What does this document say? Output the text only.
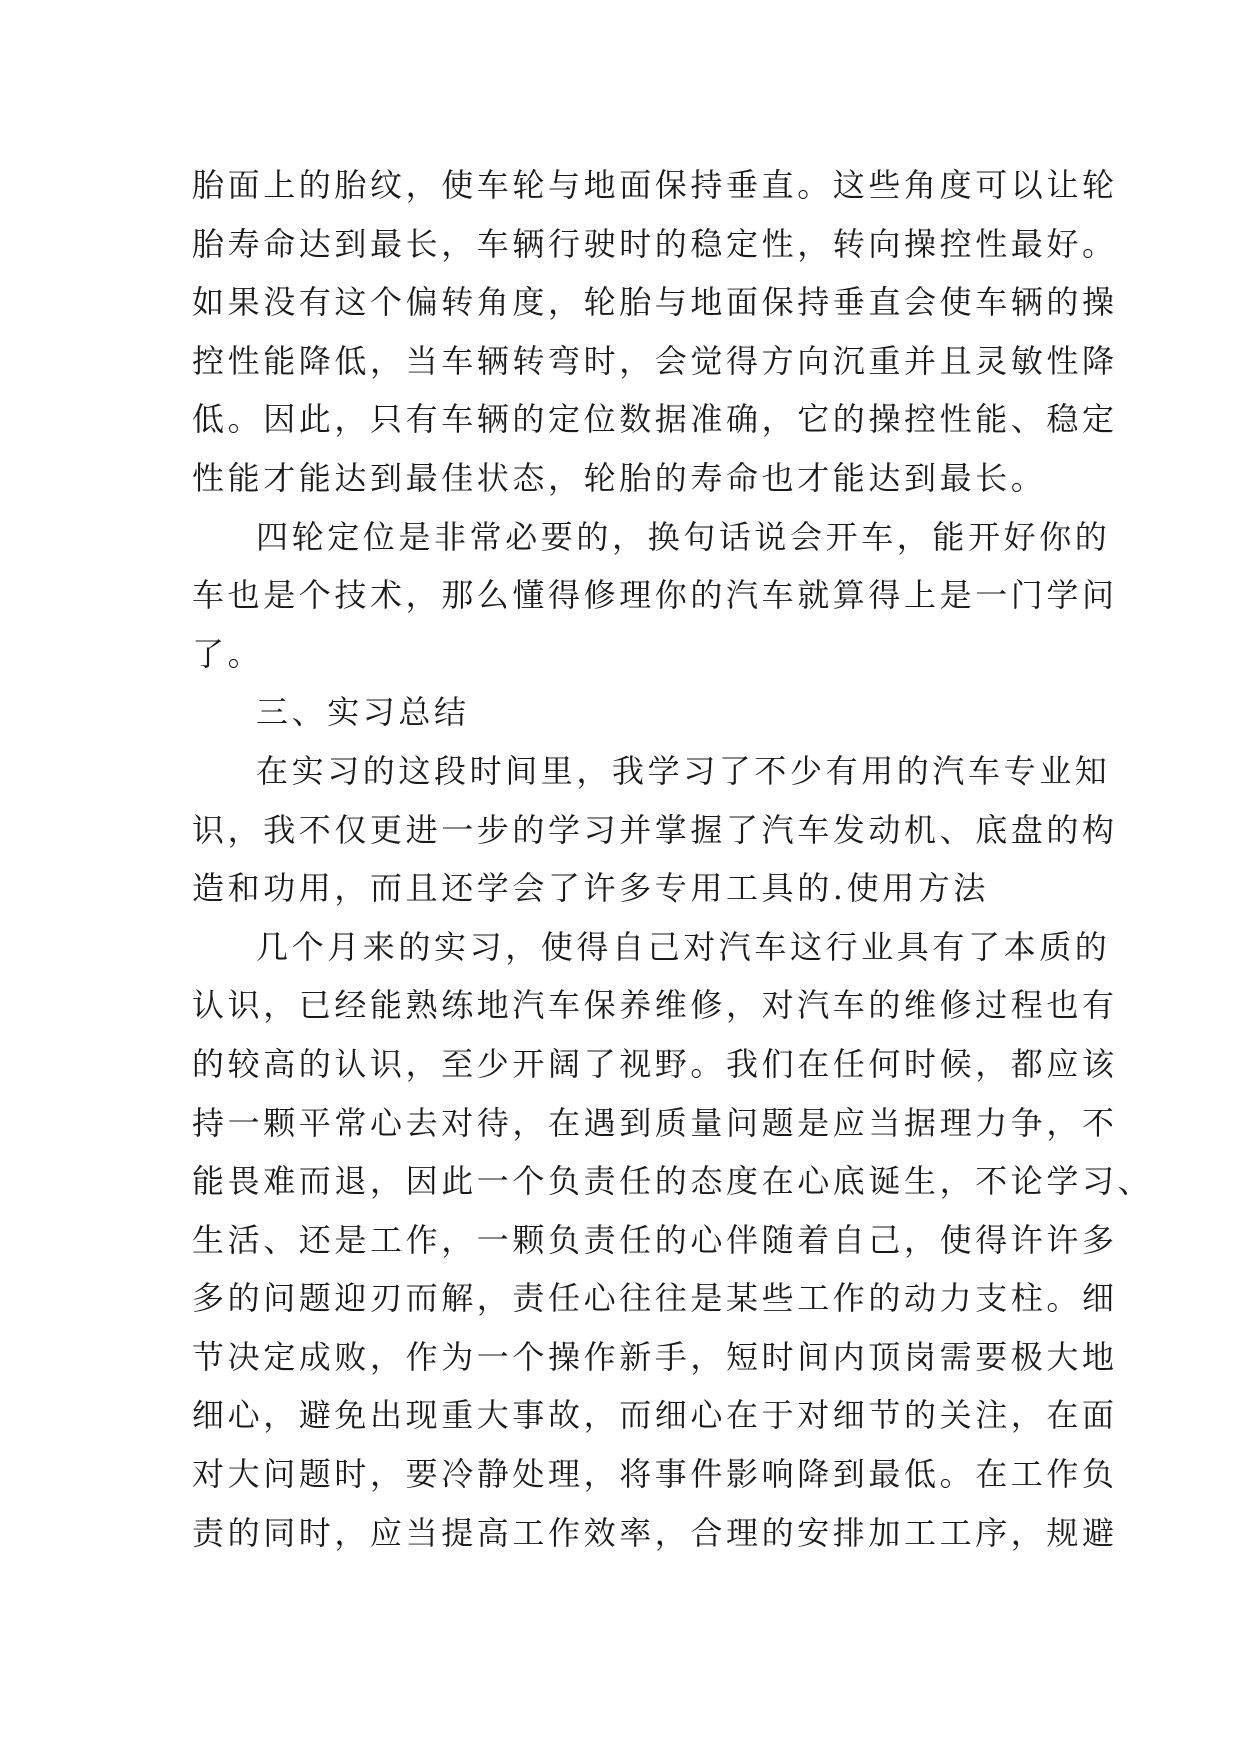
胎面上的胎纹，使车轮与地面保持垂直。这些角度可以让轮
胎寿命达到最长，车辆行驶时的稳定性，转向操控性最好。
如果没有这个偏转角度，轮胎与地面保持垂直会使车辆的操
控性能降低，当车辆转弯时，会觉得方向沉重并且灵敏性降
低。因此，只有车辆的定位数据准确，它的操控性能、稳定
性能才能达到最佳状态，轮胎的寿命也才能达到最长。
四轮定位是非常必要的，换句话说会开车，能开好你的
车也是个技术，那么懂得修理你的汽车就算得上是一门学问
了。
三、实习总结
在实习的这段时间里，我学习了不少有用的汽车专业知
识，我不仅更进一步的学习并掌握了汽车发动机、底盘的构
造和功用，而且还学会了许多专用工具的.使用方法
几个月来的实习，使得自己对汽车这行业具有了本质的
认识，已经能熟练地汽车保养维修，对汽车的维修过程也有
的较高的认识，至少开阔了视野。我们在任何时候，都应该
持一颗平常心去对待，在遇到质量问题是应当据理力争，不
能畏难而退，因此一个负责任的态度在心底诞生，不论学习、
生活、还是工作，一颗负责任的心伴随着自己，使得许许多
多的问题迎刃而解，责任心往往是某些工作的动力支柱。细
节决定成败，作为一个操作新手，短时间内顶岗需要极大地
细心，避免出现重大事故，而细心在于对细节的关注，在面
对大问题时，要冷静处理，将事件影响降到最低。在工作负
责的同时，应当提高工作效率，合理的安排加工工序，规避
